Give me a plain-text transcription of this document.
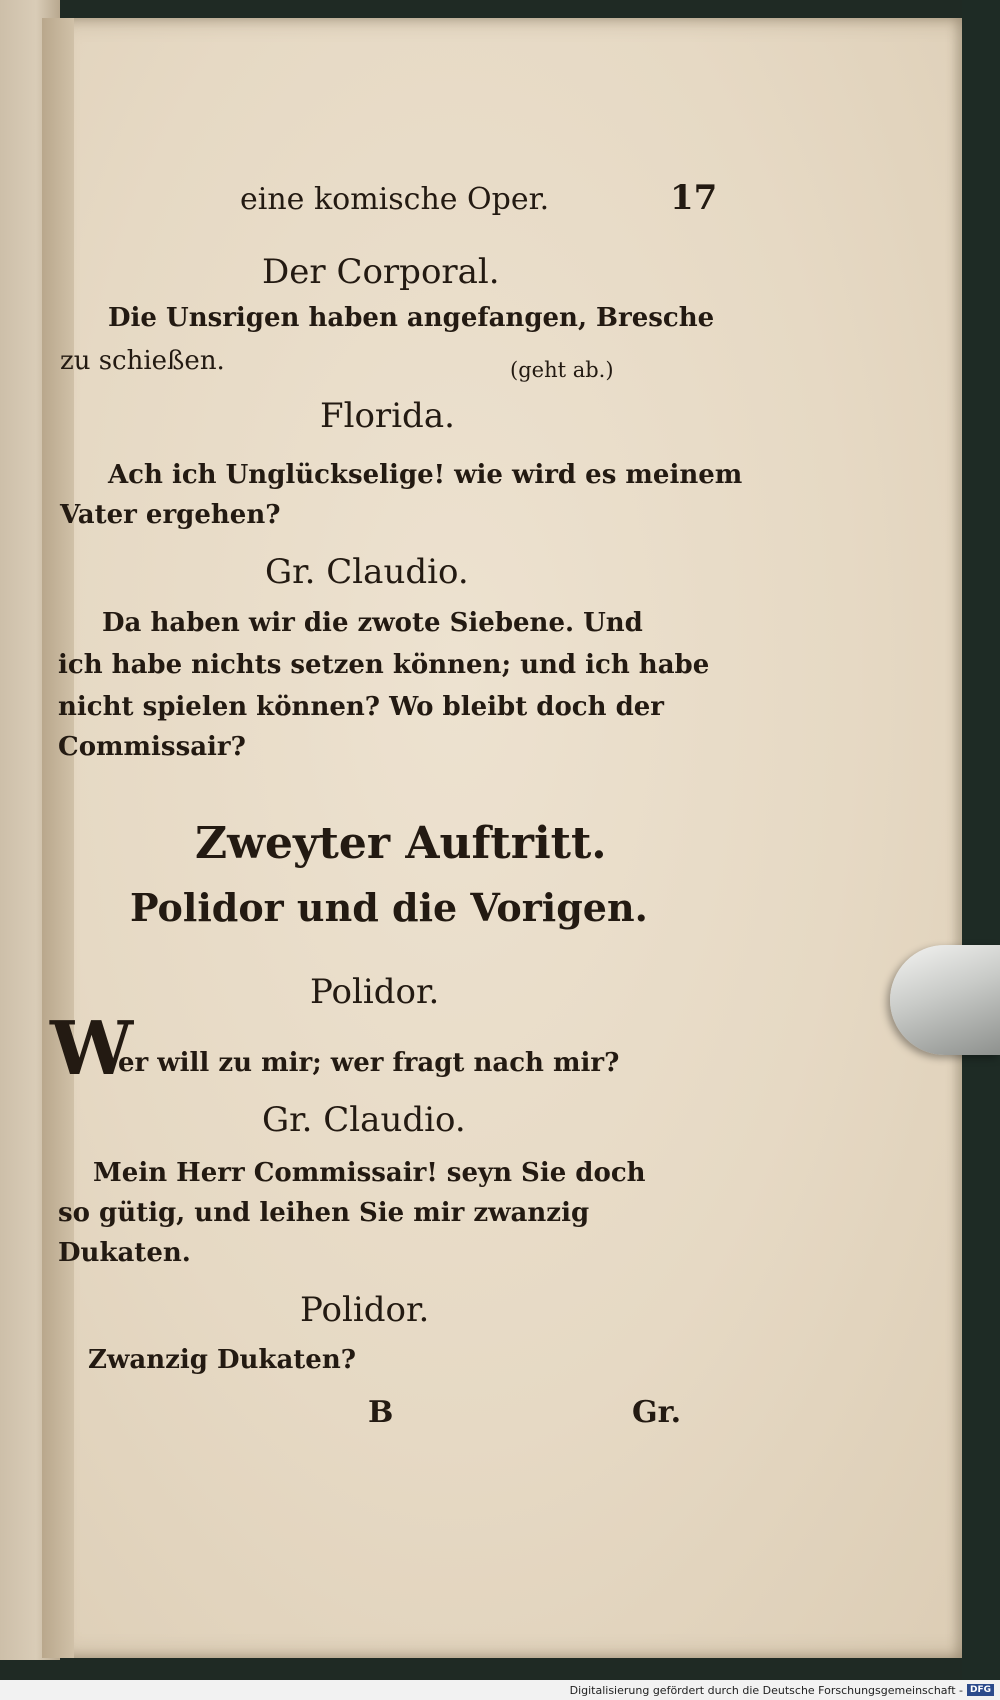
eine komische Oper.	17
Der Corporal.
Die Unsrigen haben angefangen, Bresche
zu schießen.	(geht ab.)
Florida.
Ach ich Unglückselige! wie wird es meinem
Vater ergehen?
Gr. Claudio.
Da haben wir die zwote Siebene. Und
ich habe nichts setzen können; und ich habe
nicht spielen können? Wo bleibt doch der
Commissair?
Zweyter Auftritt.
Polidor und die Vorigen.
Polidor.
W
er will zu mir; wer fragt nach mir?
Gr. Claudio.
Mein Herr Commissair! seyn Sie doch
so gütig, und leihen Sie mir zwanzig
Dukaten.
Polidor.
Zwanzig Dukaten?
B	Gr.
Digitalisierung gefördert durch die Deutsche Forschungsgemeinschaft - DFG
